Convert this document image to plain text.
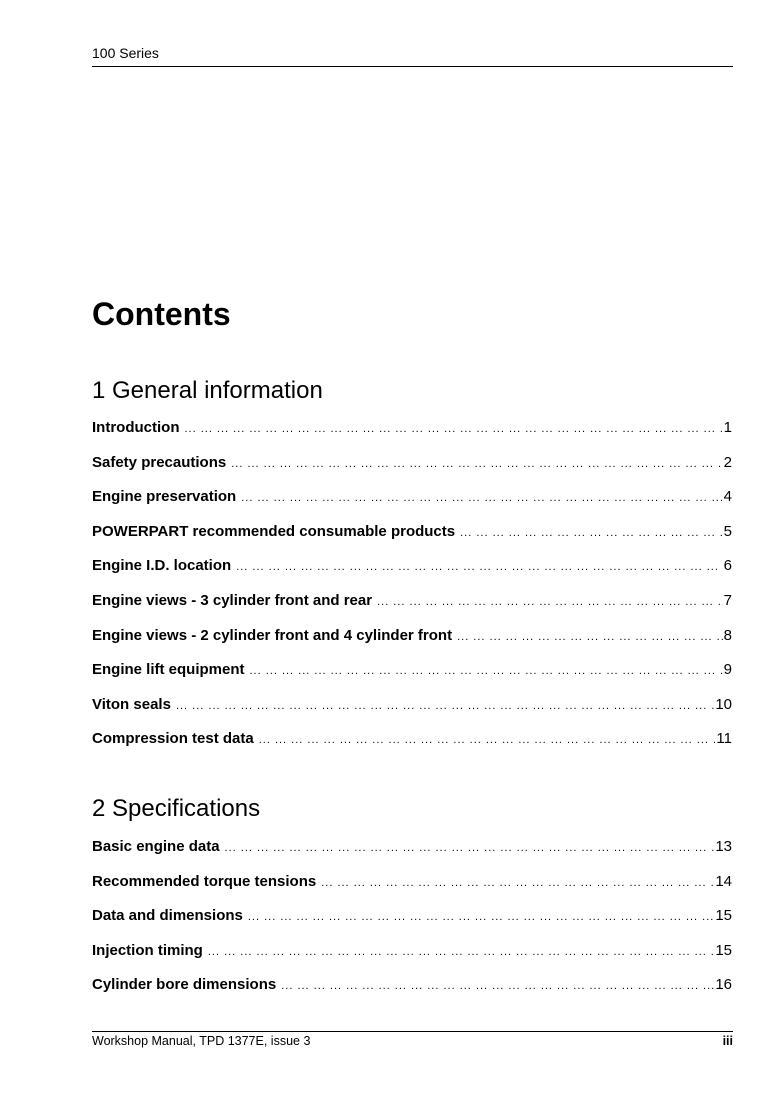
100 Series
Contents
1 General information
Introduction ... .	1
Safety precautions ... .	2
Engine preservation ... .	4
POWERPART recommended consumable products ... .	5
Engine I.D. location ... .	6
Engine views - 3 cylinder front and rear ... .	7
Engine views - 2 cylinder front and 4 cylinder front ... .	8
Engine lift equipment ... .	9
Viton seals ... .	10
Compression test data ... .	11
2 Specifications
Basic engine data ... .	13
Recommended torque tensions ... .	14
Data and dimensions ... .	15
Injection timing ... .	15
Cylinder bore dimensions ... .	16
Workshop Manual, TPD 1377E, issue 3	iii
